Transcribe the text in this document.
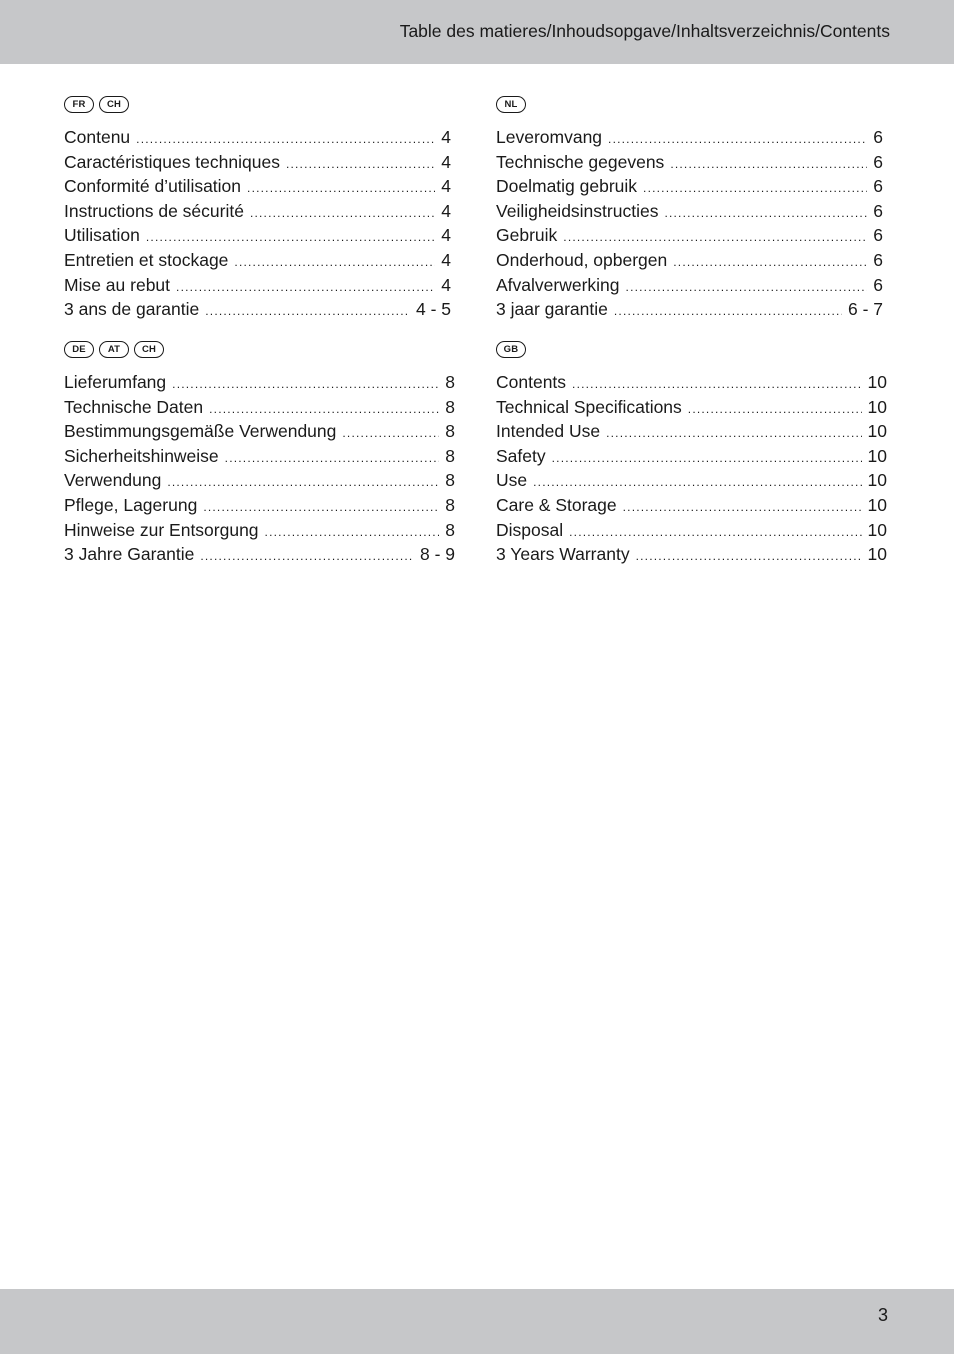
Table des matieres/Inhoudsopgave/Inhaltsverzeichnis/Contents
FR	CH
Contenu .....	4
Caractéristiques techniques .....	4
Conformité d’utilisation .....	4
Instructions de sécurité .....	4
Utilisation .....	4
Entretien et stockage .....	4
Mise au rebut .....	4
3 ans de garantie .....	4 - 5
NL
Leveromvang .....	6
Technische gegevens .....	6
Doelmatig gebruik .....	6
Veiligheidsinstructies .....	6
Gebruik .....	6
Onderhoud, opbergen .....	6
Afvalverwerking .....	6
3 jaar garantie .....	6 - 7
DE	AT	CH
Lieferumfang .....	8
Technische Daten .....	8
Bestimmungsgemäße Verwendung .....	8
Sicherheitshinweise .....	8
Verwendung .....	8
Pflege, Lagerung .....	8
Hinweise zur Entsorgung .....	8
3 Jahre Garantie .....	8 - 9
GB
Contents .....	10
Technical Specifications .....	10
Intended Use .....	10
Safety .....	10
Use .....	10
Care & Storage .....	10
Disposal .....	10
3 Years Warranty .....	10
3
